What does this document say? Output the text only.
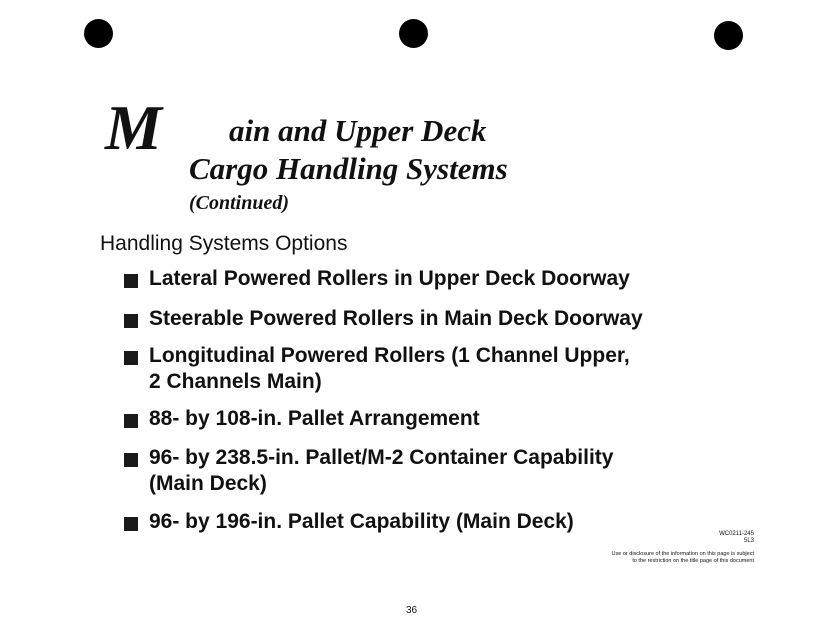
M ain and Upper Deck
Cargo Handling Systems
(Continued)
Handling Systems Options
Lateral Powered Rollers in Upper Deck Doorway
Steerable Powered Rollers in Main Deck Doorway
Longitudinal Powered Rollers (1 Channel Upper,
2 Channels Main)
88- by 108-in. Pallet Arrangement
96- by 238.5-in. Pallet/M-2 Container Capability
(Main Deck)
96- by 196-in. Pallet Capability (Main Deck)
WC0211-245
5L3
Use or disclosure of the information on this page is subject
to the restriction on the title page of this document
36
